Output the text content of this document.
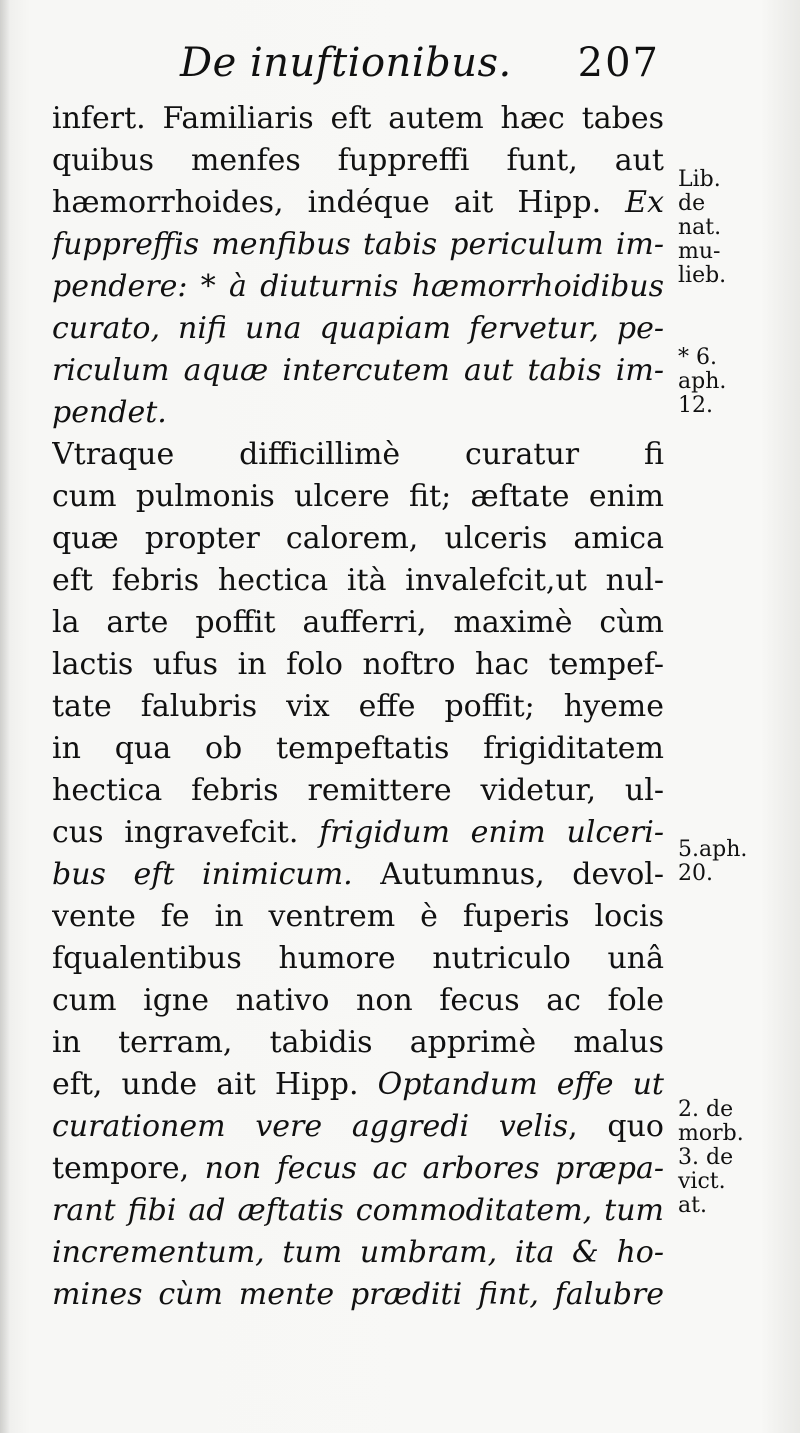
De inuftionibus. 207
infert. Familiaris eft autem hæc tabes
quibus menfes fuppreffi funt, aut
hæmorrhoides, indéque ait Hipp. Ex
fuppreffis menfibus tabis periculum im-
pendere: * à diuturnis hæmorrhoidibus
curato, nifi una quapiam fervetur, pe-
riculum aquæ intercutem aut tabis im-
pendet.
Vtraque difficillimè curatur fi
cum pulmonis ulcere fit; æftate enim
quæ propter calorem, ulceris amica
eft febris hectica ità invalefcit,ut nul-
la arte poffit aufferri, maximè cùm
lactis ufus in folo noftro hac tempef-
tate falubris vix effe poffit; hyeme
in qua ob tempeftatis frigiditatem
hectica febris remittere videtur, ul-
cus ingravefcit. frigidum enim ulceri-
bus eft inimicum. Autumnus, devol-
vente fe in ventrem è fuperis locis
fqualentibus humore nutriculo unâ
cum igne nativo non fecus ac fole
in terram, tabidis apprimè malus
eft, unde ait Hipp. Optandum effe ut
curationem vere aggredi velis, quo
tempore, non fecus ac arbores præpa-
rant fibi ad æftatis commoditatem, tum
incrementum, tum umbram, ita & ho-
mines cùm mente præditi fint, falubre
Lib.
de
nat.
mu-
lieb.
* 6.
aph.
12.
5.aph.
20.
2. de
morb.
3. de
vict.
at.
